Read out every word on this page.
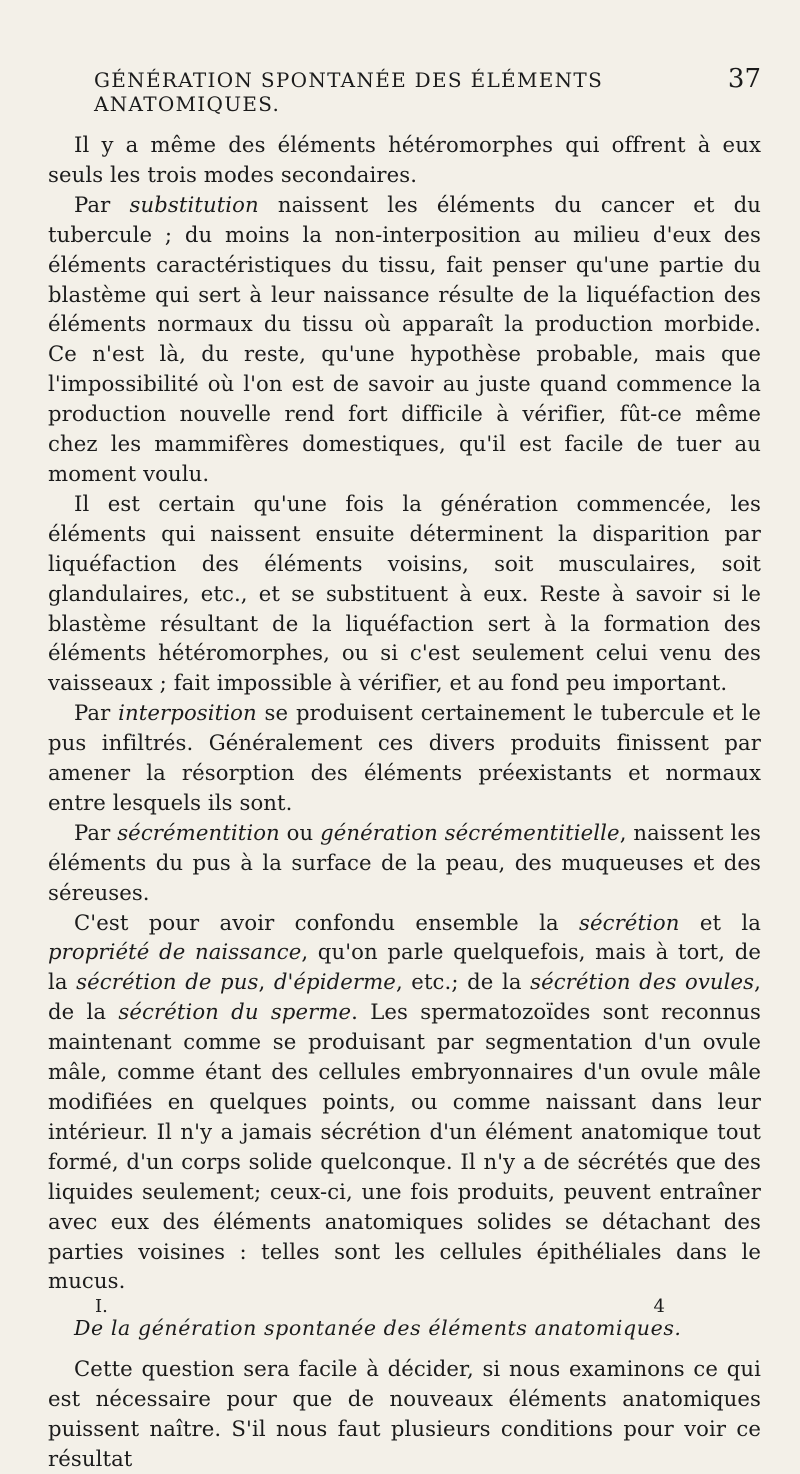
GÉNÉRATION SPONTANÉE DES ÉLÉMENTS ANATOMIQUES.
37

Il y a même des éléments hétéromorphes qui offrent à eux seuls les trois modes secondaires.

Par substitution naissent les éléments du cancer et du tubercule ; du moins la non-interposition au milieu d'eux des éléments caractéristiques du tissu, fait penser qu'une partie du blastème qui sert à leur naissance résulte de la liquéfaction des éléments normaux du tissu où apparaît la production morbide. Ce n'est là, du reste, qu'une hypothèse probable, mais que l'impossibilité où l'on est de savoir au juste quand commence la production nouvelle rend fort difficile à vérifier, fût-ce même chez les mammifères domestiques, qu'il est facile de tuer au moment voulu.

Il est certain qu'une fois la génération commencée, les éléments qui naissent ensuite déterminent la disparition par liquéfaction des éléments voisins, soit musculaires, soit glandulaires, etc., et se substituent à eux. Reste à savoir si le blastème résultant de la liquéfaction sert à la formation des éléments hétéromorphes, ou si c'est seulement celui venu des vaisseaux ; fait impossible à vérifier, et au fond peu important.

Par interposition se produisent certainement le tubercule et le pus infiltrés. Généralement ces divers produits finissent par amener la résorption des éléments préexistants et normaux entre lesquels ils sont.

Par sécrémentition ou génération sécrémentitielle, naissent les éléments du pus à la surface de la peau, des muqueuses et des séreuses.

C'est pour avoir confondu ensemble la sécrétion et la propriété de naissance, qu'on parle quelquefois, mais à tort, de la sécrétion de pus, d'épiderme, etc.; de la sécrétion des ovules, de la sécrétion du sperme. Les spermatozoïdes sont reconnus maintenant comme se produisant par segmentation d'un ovule mâle, comme étant des cellules embryonnaires d'un ovule mâle modifiées en quelques points, ou comme naissant dans leur intérieur. Il n'y a jamais sécrétion d'un élément anatomique tout formé, d'un corps solide quelconque. Il n'y a de sécrétés que des liquides seulement; ceux-ci, une fois produits, peuvent entraîner avec eux des éléments anatomiques solides se détachant des parties voisines : telles sont les cellules épithéliales dans le mucus.

De la génération spontanée des éléments anatomiques.

Cette question sera facile à décider, si nous examinons ce qui est nécessaire pour que de nouveaux éléments anatomiques puissent naître. S'il nous faut plusieurs conditions pour voir ce résultat

I.	4
